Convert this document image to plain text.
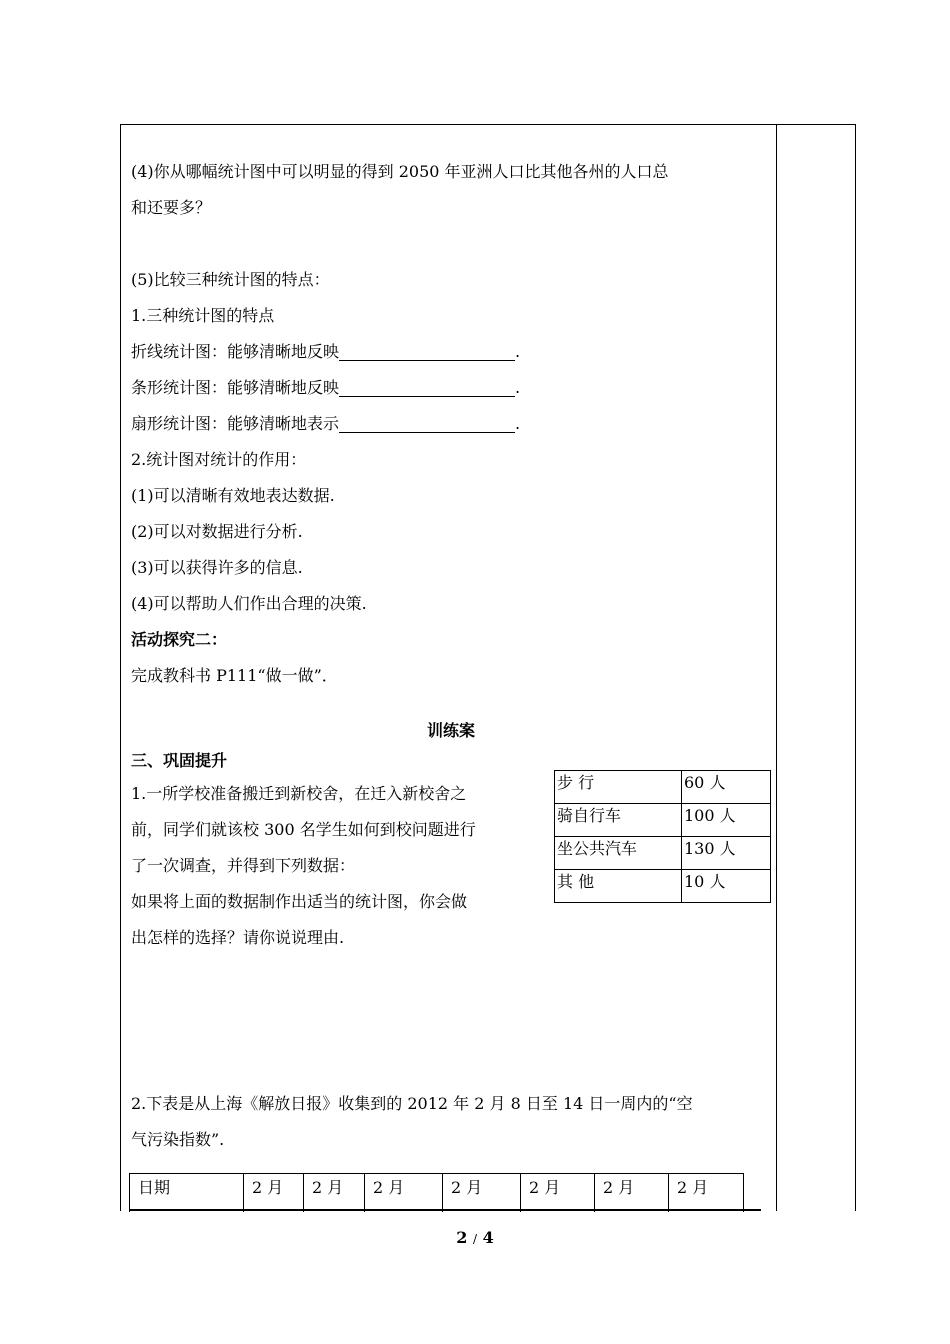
(4)你从哪幅统计图中可以明显的得到 2050 年亚洲人口比其他各州的人口总
和还要多？
(5)比较三种统计图的特点：
1.三种统计图的特点
折线统计图：能够清晰地反映	.
条形统计图：能够清晰地反映	.
扇形统计图：能够清晰地表示	.
2.统计图对统计的作用：
(1)可以清晰有效地表达数据.
(2)可以对数据进行分析.
(3)可以获得许多的信息.
(4)可以帮助人们作出合理的决策.
活动探究二：
完成教科书 P111“做一做”．
训练案
三、巩固提升
1.一所学校准备搬迁到新校舍，在迁入新校舍之
前，同学们就该校 300 名学生如何到校问题进行
了一次调查，并得到下列数据：
如果将上面的数据制作出适当的统计图，你会做
出怎样的选择？请你说说理由.
2.下表是从上海《解放日报》收集到的 2012 年 2 月 8 日至 14 日一周内的“空
气污染指数”.
步 行	60 人
骑自行车	100 人
坐公共汽车	130 人
其 他	10 人
日期	2 月	2 月	2 月	2 月	2 月	2 月	2 月
2 / 4
